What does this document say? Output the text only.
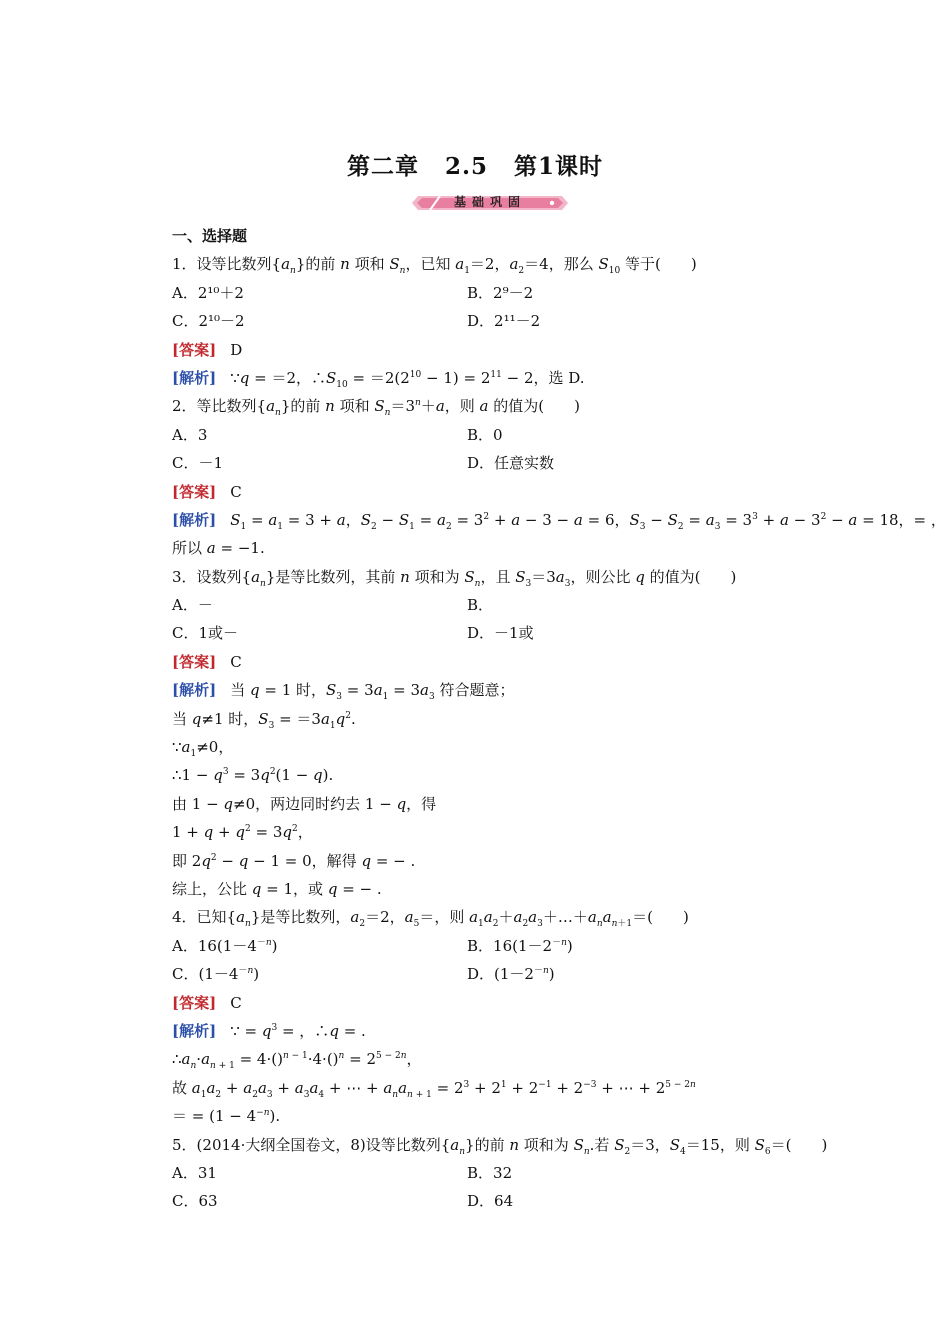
第二章 2.5 第1课时
基础巩固
一、选择题
1．设等比数列$\{a_n\}$的前 n 项和 $S_n$，已知 $a_1=2$，$a_2=4$，那么 $S_{10}$ 等于(　　)
A．2¹⁰＋2	B．2⁹－2
C．2¹⁰－2	D．2¹¹－2
[答案] D
[解析] ∵q = ＝2，$\therefore S_{10} = =2(2^{10} - 1) = 2^{11} - 2$，选 D.
2．等比数列$\{a_n\}$的前 n 项和 $S_n=3^n+a$，则 a 的值为(　　)
A．3	B．0
C．－1	D．任意实数
[答案] C
[解析] $S_1 = a_1 = 3 + a$，$S_2 - S_1 = a_2 = 3^2 + a - 3 - a = 6$，$S_3 - S_2 = a_3 = 3^3 + a - 3^2 - a = 18$，= ，
所以 a = −1.
3．设数列$\{a_n\}$是等比数列，其前 n 项和为 $S_n$，且 $S_3=3a_3$，则公比 q 的值为(　　)
A．－	B．
C．1或－	D．－1或
[答案] C
[解析] 当 q = 1 时，$S_3 = 3a_1 = 3a_3$ 符合题意；
当 q≠1 时，$S_3 = =3a_1q^2$.
$\because a_1\ne 0$，
∴1 − $q^3 = 3q^2(1 - q)$.
由 1 − q≠0，两边同时约去 1 − q，得
$1 + q + q^2 = 3q^2$，
即 $2q^2 - q - 1 = 0$，解得 q = − .
综上，公比 q = 1，或 q = − .
4．已知$\{a_n\}$是等比数列，$a_2=2$，$a_5=$，则 $a_1a_2+a_2a_3+\dots+a_na_{n+1}=$(　　)
A．$16(1-4^{-n})$	B．$16(1-2^{-n})$
C．$(1-4^{-n})$	D．$(1-2^{-n})$
[答案] C
[解析] ∵ = $q^3$ = ，∴q = .
$\therefore a_n\cdot a_{n + 1} = 4\cdot()^{n - 1}\cdot 4\cdot()^n = 2^{5 - 2n}$，
故 $a_1a_2 + a_2a_3 + a_3a_4$ + ⋯ + $a_na_{n + 1} = 2^3 + 2^1 + 2^{-1} + 2^{-3}$ + ⋯ + $2^{5 - 2n}$
＝ = $(1 - 4^{-n})$.
5．(2014·大纲全国卷文，8)设等比数列$\{a_n\}$的前 n 项和为 $S_n$.若 $S_2=3$，$S_4=15$，则 $S_6=$(　　)
A．31	B．32
C．63	D．64
